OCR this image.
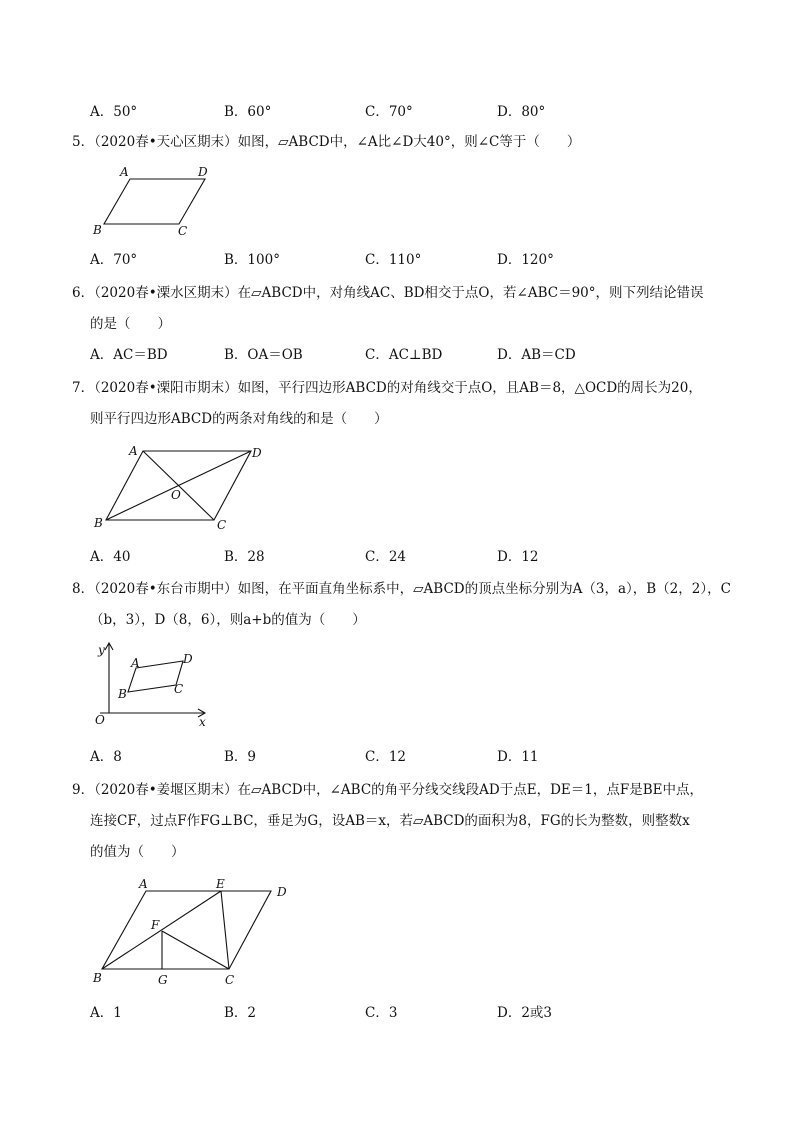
A．50°	B．60°	C．70°	D．80°
5．（2020春•天心区期末）如图，▱ABCD中，∠A比∠D大40°，则∠C等于（　　）
A	D
B	C
A．70°	B．100°	C．110°	D．120°
6．（2020春•溧水区期末）在▱ABCD中，对角线AC、BD相交于点O，若∠ABC＝90°，则下列结论错误
的是（　　）
A．AC＝BD	B．OA＝OB	C．AC⊥BD	D．AB＝CD
7．（2020春•溧阳市期末）如图，平行四边形ABCD的对角线交于点O，且AB＝8，△OCD的周长为20，
则平行四边形ABCD的两条对角线的和是（　　）
A	D
O
B	C
A．40	B．28	C．24	D．12
8．（2020春•东台市期中）如图，在平面直角坐标系中，▱ABCD的顶点坐标分别为A（3，a），B（2，2），C
（b，3），D（8，6），则a+b的值为（　　）
y
A	D
B	C
O	x
A．8	B．9	C．12	D．11
9．（2020春•姜堰区期末）在▱ABCD中，∠ABC的角平分线交线段AD于点E，DE＝1，点F是BE中点，
连接CF，过点F作FG⊥BC，垂足为G，设AB＝x，若▱ABCD的面积为8，FG的长为整数，则整数x
的值为（　　）
A	E
D
F
B	G	C
A．1	B．2	C．3	D．2或3
